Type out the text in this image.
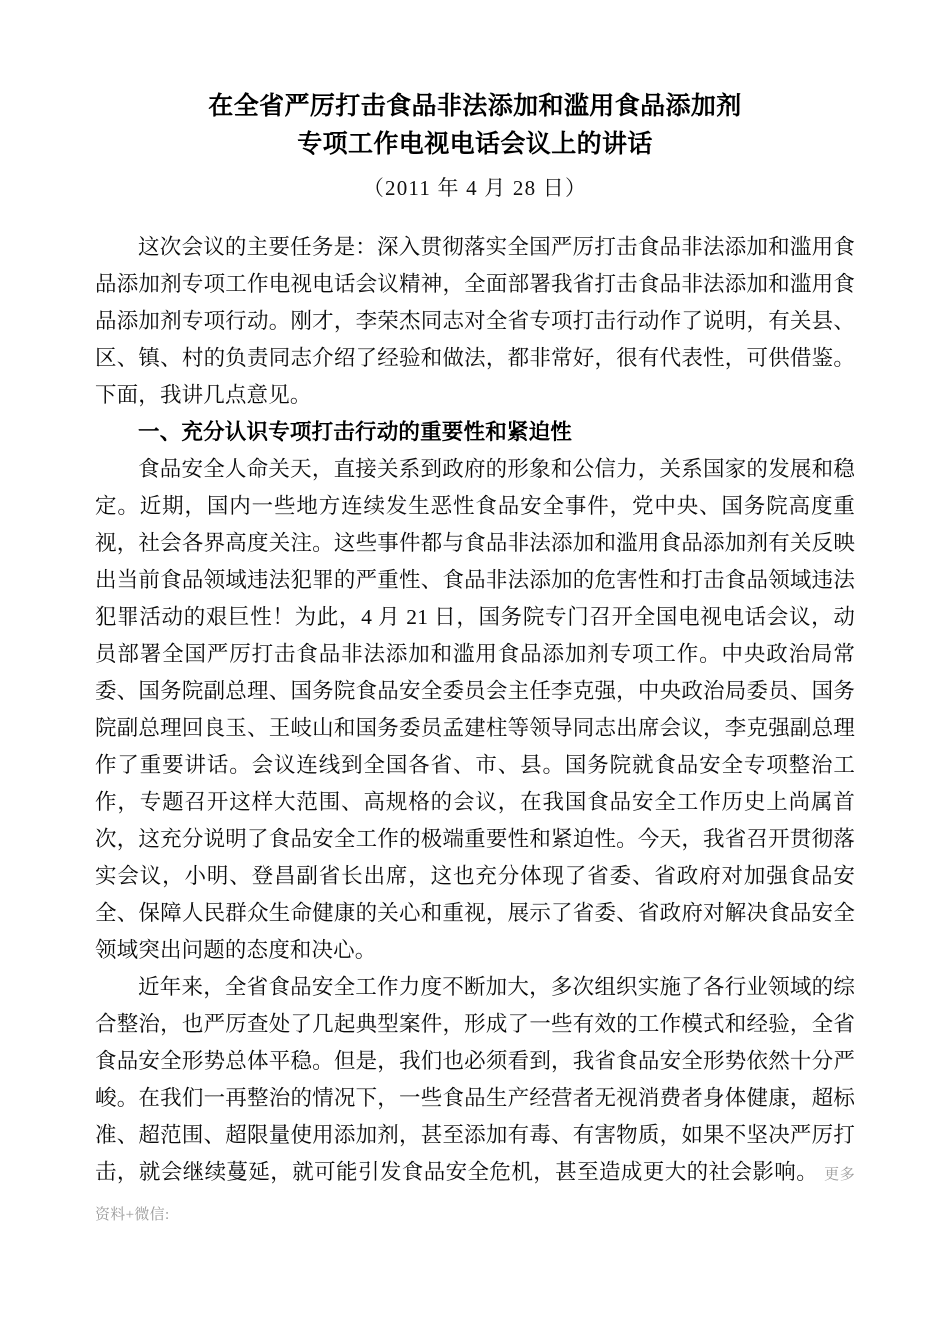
在全省严厉打击食品非法添加和滥用食品添加剂
专项工作电视电话会议上的讲话
（2011 年 4 月 28 日）

这次会议的主要任务是：深入贯彻落实全国严厉打击食品非法添加和滥用食品添加剂专项工作电视电话会议精神，全面部署我省打击食品非法添加和滥用食品添加剂专项行动。刚才，李荣杰同志对全省专项打击行动作了说明，有关县、区、镇、村的负责同志介绍了经验和做法，都非常好，很有代表性，可供借鉴。下面，我讲几点意见。

一、充分认识专项打击行动的重要性和紧迫性

食品安全人命关天，直接关系到政府的形象和公信力，关系国家的发展和稳定。近期，国内一些地方连续发生恶性食品安全事件，党中央、国务院高度重视，社会各界高度关注。这些事件都与食品非法添加和滥用食品添加剂有关反映出当前食品领域违法犯罪的严重性、食品非法添加的危害性和打击食品领域违法犯罪活动的艰巨性！为此，4 月 21 日，国务院专门召开全国电视电话会议，动员部署全国严厉打击食品非法添加和滥用食品添加剂专项工作。中央政治局常委、国务院副总理、国务院食品安全委员会主任李克强，中央政治局委员、国务院副总理回良玉、王岐山和国务委员孟建柱等领导同志出席会议，李克强副总理作了重要讲话。会议连线到全国各省、市、县。国务院就食品安全专项整治工作，专题召开这样大范围、高规格的会议，在我国食品安全工作历史上尚属首次，这充分说明了食品安全工作的极端重要性和紧迫性。今天，我省召开贯彻落实会议，小明、登昌副省长出席，这也充分体现了省委、省政府对加强食品安全、保障人民群众生命健康的关心和重视，展示了省委、省政府对解决食品安全领域突出问题的态度和决心。

近年来，全省食品安全工作力度不断加大，多次组织实施了各行业领域的综合整治，也严厉查处了几起典型案件，形成了一些有效的工作模式和经验，全省食品安全形势总体平稳。但是，我们也必须看到，我省食品安全形势依然十分严峻。在我们一再整治的情况下，一些食品生产经营者无视消费者身体健康，超标准、超范围、超限量使用添加剂，甚至添加有毒、有害物质，如果不坚决严厉打击，就会继续蔓延，就可能引发食品安全危机，甚至造成更大的社会影响。 更多资料+微信:
